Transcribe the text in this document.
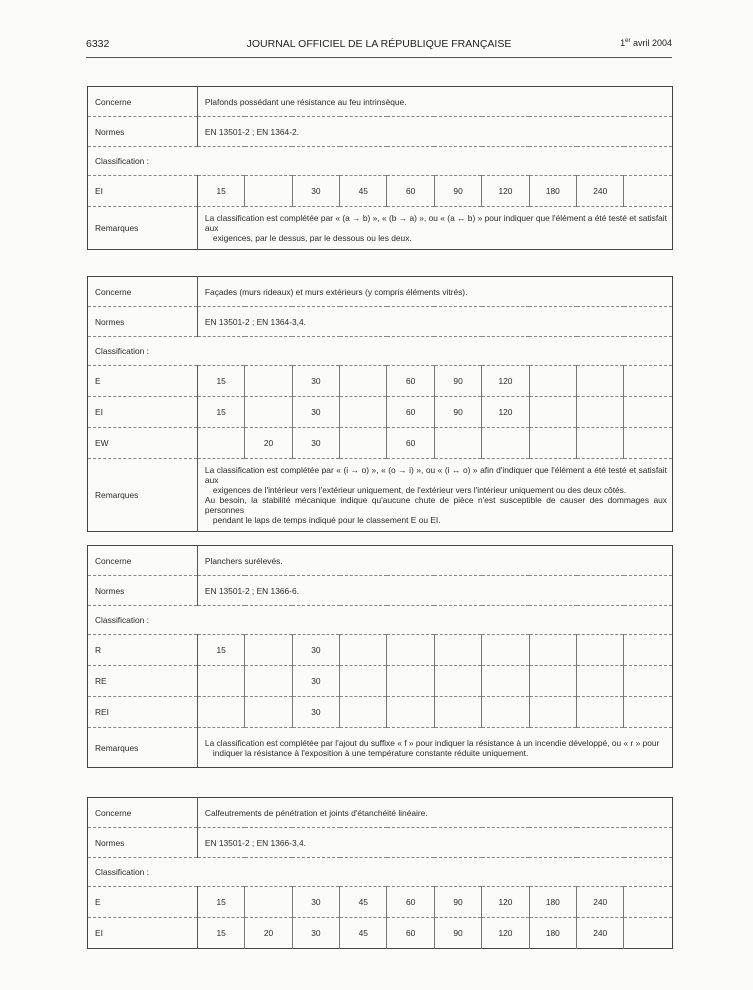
6332	JOURNAL OFFICIEL DE LA RÉPUBLIQUE FRANÇAISE	1er avril 2004
Concerne	Plafonds possédant une résistance au feu intrinsèque.									
Normes	EN 13501-2 ; EN 1364-2.									
Classification :										
EI	15		30	45	60	90	120	180	240	
Remarques	La classification est complétée par « (a → b) », « (b → a) », ou « (a ↔ b) » pour indiquer que l'élément a été testé et satisfait aux
exigences, par le dessus, par le dessous ou les deux.									
Concerne	Façades (murs rideaux) et murs extérieurs (y compris éléments vitrés).									
Normes	EN 13501-2 ; EN 1364-3,4.									
Classification :										
E	15		30		60	90	120			
EI	15		30		60	90	120			
EW		20	30		60					
Remarques	La classification est complétée par « (i → o) », « (o → i) », ou « (i ↔ o) » afin d'indiquer que l'élément a été testé et satisfait aux
exigences de l'intérieur vers l'extérieur uniquement, de l'extérieur vers l'intérieur uniquement ou des deux côtés.
Au besoin, la stabilité mécanique indique qu'aucune chute de pièce n'est susceptible de causer des dommages aux personnes
pendant le laps de temps indiqué pour le classement E ou EI.									
Concerne	Planchers surélevés.									
Normes	EN 13501-2 ; EN 1366-6.									
Classification :										
R	15		30							
RE			30							
REI			30							
Remarques	La classification est complétée par l'ajout du suffixe « f » pour indiquer la résistance à un incendie développé, ou « r » pour
indiquer la résistance à l'exposition à une température constante réduite uniquement.									
Concerne	Calfeutrements de pénétration et joints d'étanchéité linéaire.									
Normes	EN 13501-2 ; EN 1366-3,4.									
Classification :										
E	15		30	45	60	90	120	180	240	
EI	15	20	30	45	60	90	120	180	240	
